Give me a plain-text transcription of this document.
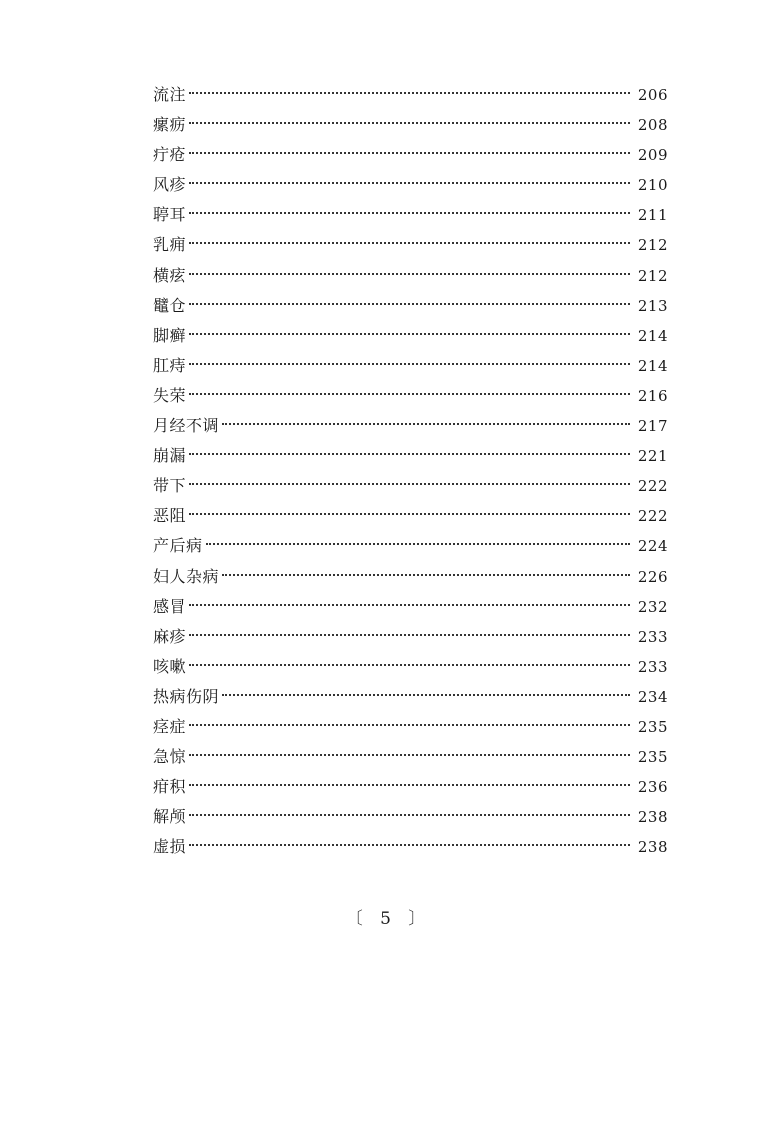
流注	206
瘰疬	208
疔疮	209
风疹	210
聤耳	211
乳痈	212
横痃	212
鼊仓	213
脚癣	214
肛痔	214
失荣	216
月经不调	217
崩漏	221
带下	222
恶阻	222
产后病	224
妇人杂病	226
感冒	232
麻疹	233
咳嗽	233
热病伤阴	234
痉症	235
急惊	235
疳积	236
解颅	238
虚损	238
〔 5 〕
